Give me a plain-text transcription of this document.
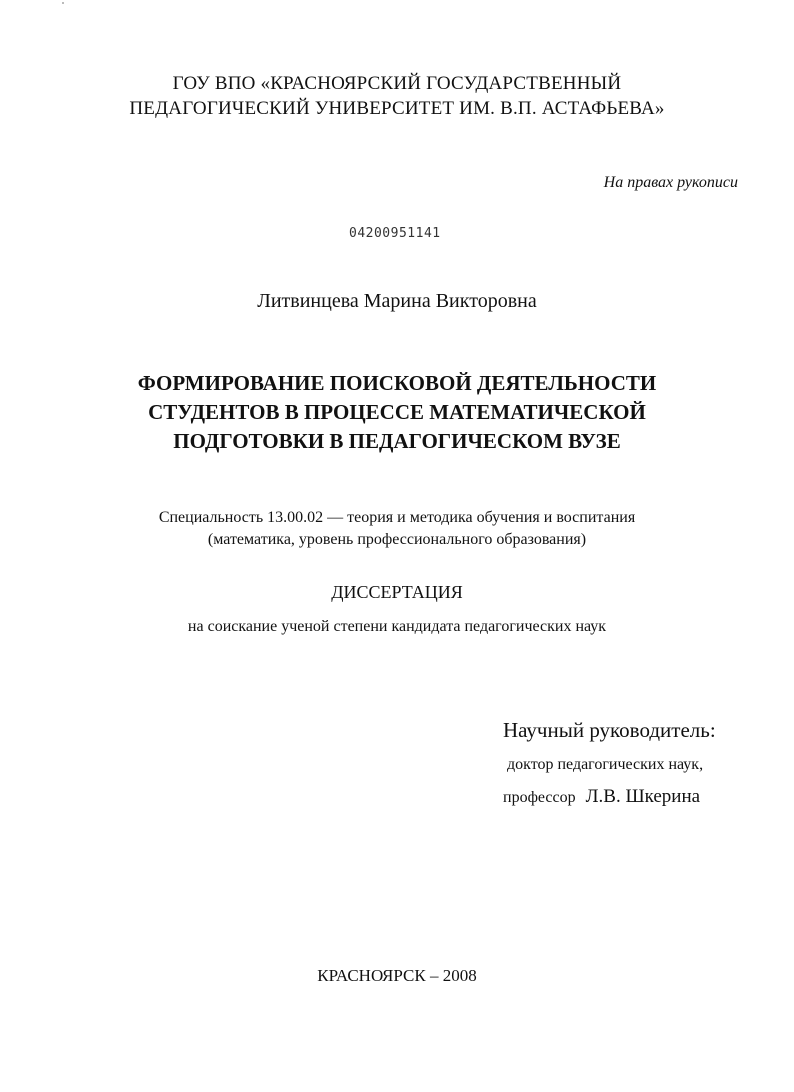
ГОУ ВПО «КРАСНОЯРСКИЙ ГОСУДАРСТВЕННЫЙ
ПЕДАГОГИЧЕСКИЙ УНИВЕРСИТЕТ ИМ. В.П. АСТАФЬЕВА»
На правах рукописи
04200951141
Литвинцева Марина Викторовна
ФОРМИРОВАНИЕ ПОИСКОВОЙ ДЕЯТЕЛЬНОСТИ
СТУДЕНТОВ В ПРОЦЕССЕ МАТЕМАТИЧЕСКОЙ
ПОДГОТОВКИ В ПЕДАГОГИЧЕСКОМ ВУЗЕ
Специальность 13.00.02 — теория и методика обучения и воспитания
(математика, уровень профессионального образования)
ДИССЕРТАЦИЯ
на соискание ученой степени кандидата педагогических наук
Научный руководитель:
доктор педагогических наук,
профессор Л.В. Шкерина
КРАСНОЯРСК – 2008
